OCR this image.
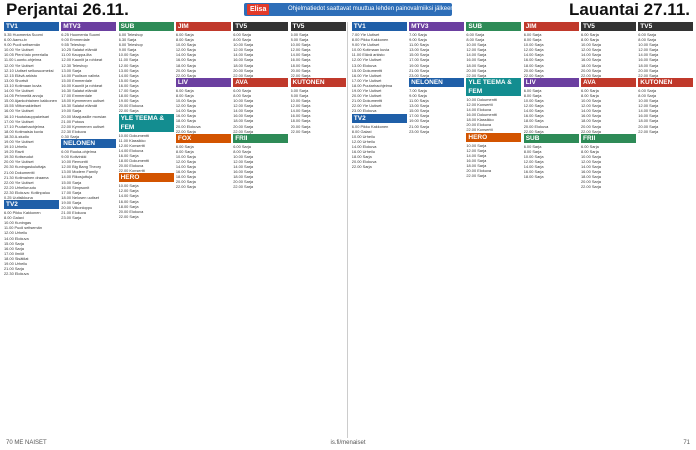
Perjantai 26.11.	Elisa	Ohjelmatiedot saattavat muuttua lehden painovalmiiksi jälkeen.	Lauantai 27.11.
TV1
5.35 Huomenta Suomi
6.00 Aamu-tv
9.00 Puoli seitsemän
10.00 Yle Uutiset
10.05 Pieni talo preerialla
11.00 Luonto-ohjelma
12.00 Yle Uutiset
12.10 Uutiset selkosuomeksi
12.15 Elävä arkisto
13.00 Shortsit
13.10 Kotimaan kuvia
14.00 Yle Uutiset
14.05 Pehmeitä arvoja
15.00 Ajankohtainen kakkonen
15.55 Viittomakieliset
16.00 Yle Uutiset
16.10 Huutokauppakeisari
17.00 Yle Uutiset
17.10 Puutarhaohjelma
18.00 Kotimaisia kuvia
18.30 A-studio
19.00 Yle Uutiset
19.10 Urheilu
19.20 Ravit
19.30 Kotiseudut
20.00 Yle Uutiset
20.30 Kuningaskuluttaja
21.00 Dokumentti
21.30 Kotimainen draama
22.00 Yle Uutiset
22.20 Urheiluruutu
22.30 Elokuva: Kotiinpaluu
0.25 Uutisikkuna
TV2
6.00 Pikku Kakkonen
8.00 Galaxi
10.00 Kuningas
11.00 Puoli seitsemän
12.00 Urheilu
14.00 Elokuva
15.00 Sarja
16.00 Sarja
17.00 Ilmiöt
18.00 Sisätilat
19.00 Urheilu
21.00 Sarja
22.30 Elokuva
MTV3
6.25 Huomenta Suomi
9.00 Emmerdale
9.55 Teleshop
10.25 Salatut elämät
11.00 Kauppa-ilta
12.00 Kauniit ja rohkeat
12.30 Teleshop
13.00 Sarja
14.00 Puolison valinta
15.00 Emmerdale
16.00 Kauniit ja rohkeat
16.30 Salatut elämät
17.00 Emmerdale
18.00 Kymmenen uutiset
18.30 Salatut elämät
19.00 Sarja
20.00 Maajussille morsian
21.00 Putous
22.00 Kymmenen uutiset
22.30 Elokuva
0.30 Sarja
NELONEN
6.00 Ruoka-ohjelma
9.00 Kotivinkki
10.00 Remontti
12.00 Big Bang Theory
13.00 Modern Family
14.00 Rikosjuttuja
15.00 Sarja
16.00 Simpsonit
17.00 Sarja
18.00 Nelosen uutiset
19.00 Sarja
20.00 Viikonloppu
21.00 Elokuva
23.00 Sarja
SUB
6.00 Teleshop
6.30 Sarja
8.00 Teleshop
9.00 Sarja
10.00 Sarja
11.00 Sarja
12.00 Sarja
13.00 Sarja
14.00 Sarja
15.00 Sarja
16.00 Sarja
17.00 Sarja
18.00 Sarja
19.00 Sarja
20.00 Elokuva
22.00 Sarja
YLE TEEMA & FEM
10.00 Dokumentti
11.00 Klassikko
12.00 Konsertti
14.00 Elokuva
16.00 Sarja
18.00 Dokumentti
20.00 Elokuva
22.00 Konsertti
HERO
10.00 Sarja
12.00 Sarja
14.00 Sarja
16.00 Sarja
18.00 Sarja
20.00 Elokuva
22.00 Sarja
JIM
6.00 Sarja
8.00 Sarja
10.00 Sarja
12.00 Sarja
14.00 Sarja
16.00 Sarja
18.00 Sarja
20.00 Sarja
22.00 Sarja
LIV
6.00 Sarja
8.00 Sarja
10.00 Sarja
12.00 Sarja
14.00 Sarja
16.00 Sarja
18.00 Sarja
20.00 Elokuva
22.00 Sarja
FOX
6.00 Sarja
8.00 Sarja
10.00 Sarja
12.00 Sarja
14.00 Sarja
16.00 Sarja
18.00 Sarja
20.00 Sarja
22.00 Sarja
TV5
6.00 Sarja
8.00 Sarja
10.00 Sarja
12.00 Sarja
14.00 Sarja
16.00 Sarja
18.00 Sarja
20.00 Sarja
22.00 Sarja
AVA
6.00 Sarja
8.00 Sarja
10.00 Sarja
12.00 Sarja
14.00 Sarja
16.00 Sarja
18.00 Sarja
20.00 Sarja
22.00 Sarja
FRII
6.00 Sarja
8.00 Sarja
10.00 Sarja
12.00 Sarja
14.00 Sarja
16.00 Sarja
18.00 Sarja
20.00 Sarja
22.00 Sarja
TV5
6.00 Sarja
8.00 Sarja
10.00 Sarja
12.00 Sarja
14.00 Sarja
16.00 Sarja
18.00 Sarja
20.00 Sarja
22.00 Sarja
KUTONEN
6.00 Sarja
8.00 Sarja
10.00 Sarja
12.00 Sarja
14.00 Sarja
16.00 Sarja
18.00 Sarja
20.00 Sarja
22.00 Sarja
TV1
7.00 Yle Uutiset
8.00 Pikku Kakkonen
9.00 Yle Uutiset
10.00 Kotimaan kuvia
11.00 Elävä arkisto
12.00 Yle Uutiset
13.00 Elokuva
15.00 Dokumentti
16.00 Yle Uutiset
17.00 Yle Uutiset
18.00 Puutarhaohjelma
19.00 Yle Uutiset
20.00 Yle Uutiset
21.00 Dokumentti
22.00 Yle Uutiset
23.00 Elokuva
TV2
6.00 Pikku Kakkonen
8.00 Galaxi
10.00 Urheilu
12.00 Urheilu
14.00 Elokuva
16.00 Urheilu
18.00 Sarja
20.00 Elokuva
22.00 Sarja
MTV3
7.00 Sarja
9.00 Sarja
11.00 Sarja
13.00 Sarja
15.00 Sarja
17.00 Sarja
19.00 Sarja
21.00 Sarja
23.00 Sarja
NELONEN
7.00 Sarja
9.00 Sarja
11.00 Sarja
13.00 Sarja
15.00 Sarja
17.00 Sarja
19.00 Sarja
21.00 Sarja
23.00 Sarja
SUB
6.00 Sarja
8.00 Sarja
10.00 Sarja
12.00 Sarja
14.00 Sarja
16.00 Sarja
18.00 Sarja
20.00 Sarja
22.00 Sarja
YLE TEEMA & FEM
10.00 Dokumentti
12.00 Konsertti
14.00 Elokuva
16.00 Dokumentti
18.00 Klassikko
20.00 Elokuva
22.00 Konsertti
HERO
10.00 Sarja
12.00 Sarja
14.00 Sarja
16.00 Sarja
18.00 Sarja
20.00 Elokuva
22.00 Sarja
JIM
6.00 Sarja
8.00 Sarja
10.00 Sarja
12.00 Sarja
14.00 Sarja
16.00 Sarja
18.00 Sarja
20.00 Sarja
22.00 Sarja
LIV
6.00 Sarja
8.00 Sarja
10.00 Sarja
12.00 Sarja
14.00 Sarja
16.00 Sarja
18.00 Sarja
20.00 Elokuva
22.00 Sarja
SUB
6.00 Sarja
8.00 Sarja
10.00 Sarja
12.00 Sarja
14.00 Sarja
16.00 Sarja
18.00 Sarja
TV5
6.00 Sarja
8.00 Sarja
10.00 Sarja
12.00 Sarja
14.00 Sarja
16.00 Sarja
18.00 Sarja
20.00 Sarja
22.00 Sarja
AVA
6.00 Sarja
8.00 Sarja
10.00 Sarja
12.00 Sarja
14.00 Sarja
16.00 Sarja
18.00 Sarja
20.00 Sarja
22.00 Sarja
FRII
6.00 Sarja
8.00 Sarja
10.00 Sarja
12.00 Sarja
14.00 Sarja
16.00 Sarja
18.00 Sarja
20.00 Sarja
22.00 Sarja
TV5
6.00 Sarja
8.00 Sarja
10.00 Sarja
12.00 Sarja
14.00 Sarja
16.00 Sarja
18.00 Sarja
20.00 Sarja
22.00 Sarja
KUTONEN
6.00 Sarja
8.00 Sarja
10.00 Sarja
12.00 Sarja
14.00 Sarja
16.00 Sarja
18.00 Sarja
20.00 Sarja
22.00 Sarja
70 ME NAISET	is.fi/menaiset	71
